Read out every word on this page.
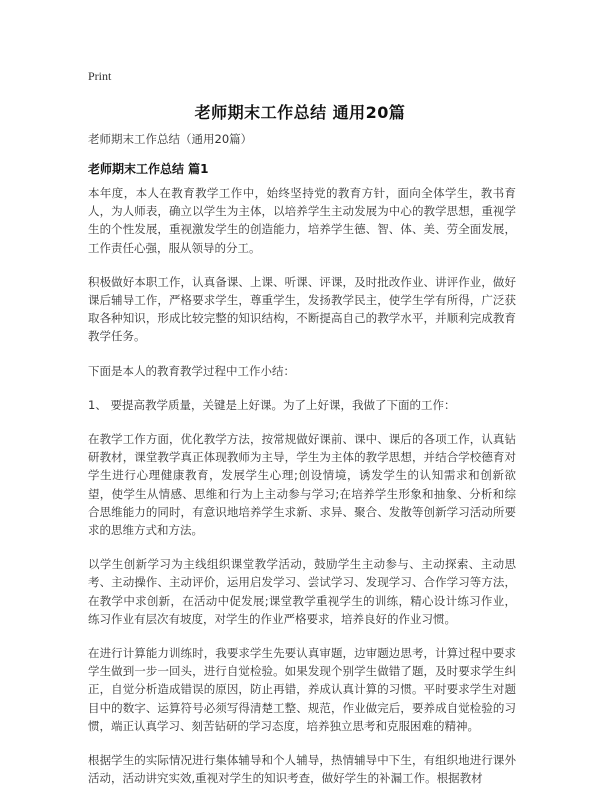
Print
老师期末工作总结 通用20篇
老师期末工作总结（通用20篇）
老师期末工作总结 篇1

本年度，本人在教育教学工作中，始终坚持党的教育方针，面向全体学生，教书育人，为人师表，确立以学生为主体，以培养学生主动发展为中心的教学思想，重视学生的个性发展，重视激发学生的创造能力，培养学生德、智、体、美、劳全面发展，工作责任心强，服从领导的分工。

积极做好本职工作，认真备课、上课、听课、评课，及时批改作业、讲评作业，做好课后辅导工作，严格要求学生，尊重学生，发扬教学民主，使学生学有所得，广泛获取各种知识，形成比较完整的知识结构，不断提高自己的教学水平，并顺利完成教育教学任务。

下面是本人的教育教学过程中工作小结：

1、 要提高教学质量，关键是上好课。为了上好课，我做了下面的工作：

在教学工作方面，优化教学方法，按常规做好课前、课中、课后的各项工作，认真钻研教材，课堂教学真正体现教师为主导，学生为主体的教学思想，并结合学校德育对学生进行心理健康教育，发展学生心理;创设情境，诱发学生的认知需求和创新欲望，使学生从情感、思维和行为上主动参与学习;在培养学生形象和抽象、分析和综合思维能力的同时，有意识地培养学生求新、求异、聚合、发散等创新学习活动所要求的思维方式和方法。

以学生创新学习为主线组织课堂教学活动，鼓励学生主动参与、主动探索、主动思考、主动操作、主动评价，运用启发学习、尝试学习、发现学习、合作学习等方法，在教学中求创新，在活动中促发展;课堂教学重视学生的训练，精心设计练习作业，练习作业有层次有坡度，对学生的作业严格要求，培养良好的作业习惯。

在进行计算能力训练时，我要求学生先要认真审题，边审题边思考，计算过程中要求学生做到一步一回头，进行自觉检验。如果发现个别学生做错了题，及时要求学生纠正，自觉分析造成错误的原因，防止再错，养成认真计算的习惯。平时要求学生对题目中的数字、运算符号必须写得清楚工整、规范，作业做完后，要养成自觉检验的习惯，端正认真学习、刻苦钻研的学习态度，培养独立思考和克服困难的精神。

根据学生的实际情况进行集体辅导和个人辅导，热情辅导中下生，有组织地进行课外活动，活动讲究实效,重视对学生的知识考查，做好学生的补漏工作。根据教材
